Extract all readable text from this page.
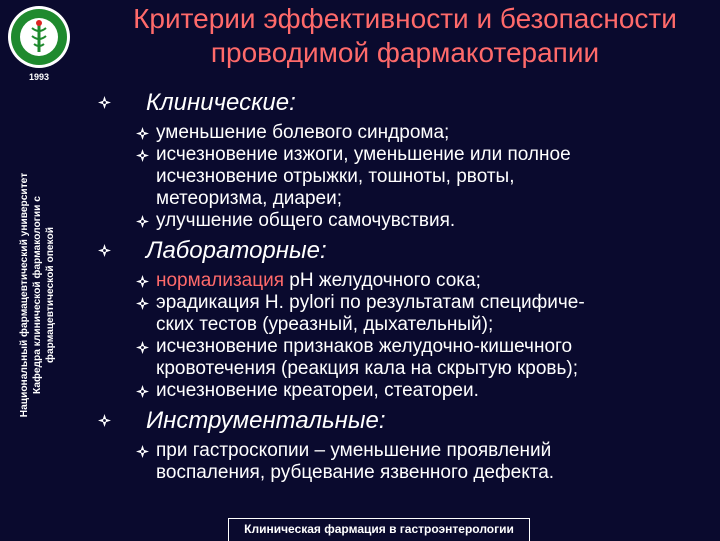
1993
Национальный фармацевтический университет Кафедра клинической фармакологии с фармацевтической опекой
Критерии эффективности и безопасности
проводимой фармакотерапии
Клинические:
уменьшение болевого синдрома;
исчезновение изжоги, уменьшение или полное
исчезновение отрыжки, тошноты, рвоты,
метеоризма, диареи;
улучшение общего самочувствия.
Лабораторные:
нормализация pH желудочного сока;
эрадикация H. pylori по результатам специфиче-
ских тестов (уреазный, дыхательный);
исчезновение признаков желудочно-кишечного
кровотечения (реакция кала на скрытую кровь);
исчезновение креатореи, стеатореи.
Инструментальные:
при гастроскопии – уменьшение проявлений
воспаления, рубцевание язвенного дефекта.
Клиническая фармация в гастроэнтерологии
